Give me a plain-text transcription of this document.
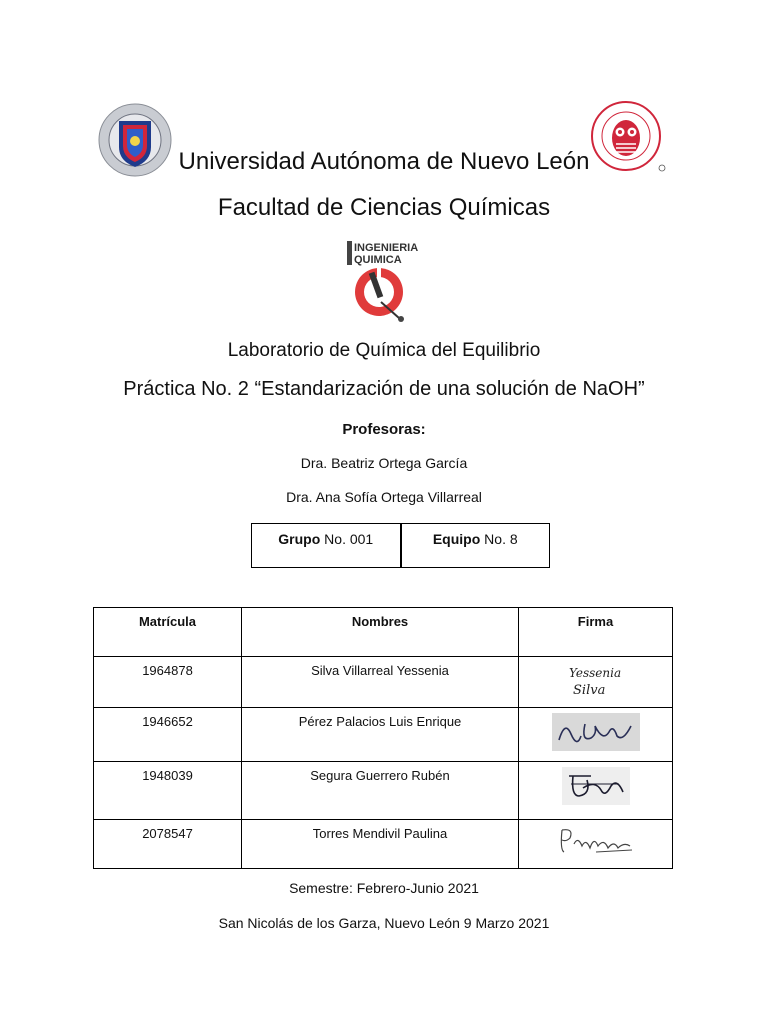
Universidad Autónoma de Nuevo León
Facultad de Ciencias Químicas
INGENIERIA
QUIMICA
Laboratorio de Química del Equilibrio
Práctica No. 2 “Estandarización de una solución de NaOH”
Profesoras:
Dra. Beatriz Ortega García
Dra. Ana Sofía Ortega Villarreal
Grupo No. 001	Equipo No. 8
Matrícula	Nombres	Firma
1964878	Silva Villarreal Yessenia	Yessenia
Silva

1946652	Pérez Palacios Luis Enrique	

1948039	Segura Guerrero Rubén	

2078547	Torres Mendivil Paulina	
Semestre: Febrero-Junio 2021
San Nicolás de los Garza, Nuevo León 9 Marzo 2021
